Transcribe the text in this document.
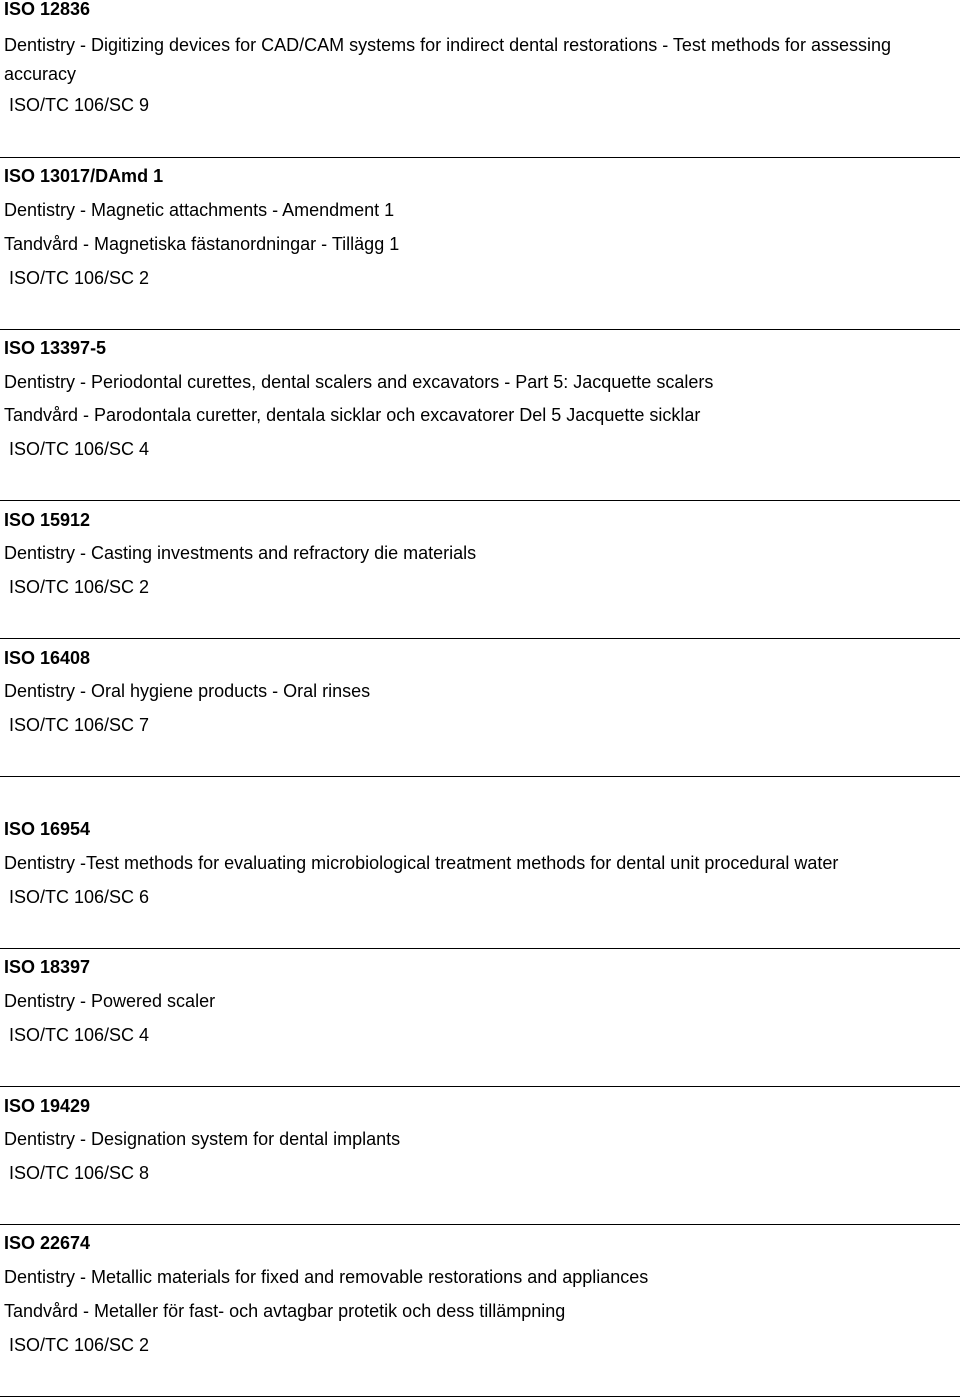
ISO 12836
Dentistry - Digitizing devices for CAD/CAM systems for indirect dental restorations - Test methods for assessing accuracy
ISO/TC 106/SC 9
ISO 13017/DAmd 1
Dentistry - Magnetic attachments - Amendment 1
Tandvård - Magnetiska fästanordningar - Tillägg 1
ISO/TC 106/SC 2
ISO 13397-5
Dentistry - Periodontal curettes, dental scalers and excavators - Part 5: Jacquette scalers
Tandvård - Parodontala curetter, dentala sicklar och excavatorer Del 5 Jacquette sicklar
ISO/TC 106/SC 4
ISO 15912
Dentistry - Casting investments and refractory die materials
ISO/TC 106/SC 2
ISO 16408
Dentistry - Oral hygiene products - Oral rinses
ISO/TC 106/SC 7
ISO 16954
Dentistry -Test methods for evaluating microbiological treatment methods for dental unit procedural water
ISO/TC 106/SC 6
ISO 18397
Dentistry - Powered scaler
ISO/TC 106/SC 4
ISO 19429
Dentistry - Designation system for dental implants
ISO/TC 106/SC 8
ISO 22674
Dentistry - Metallic materials for fixed and removable restorations and appliances
Tandvård - Metaller för fast- och avtagbar protetik och dess tillämpning
ISO/TC 106/SC 2
